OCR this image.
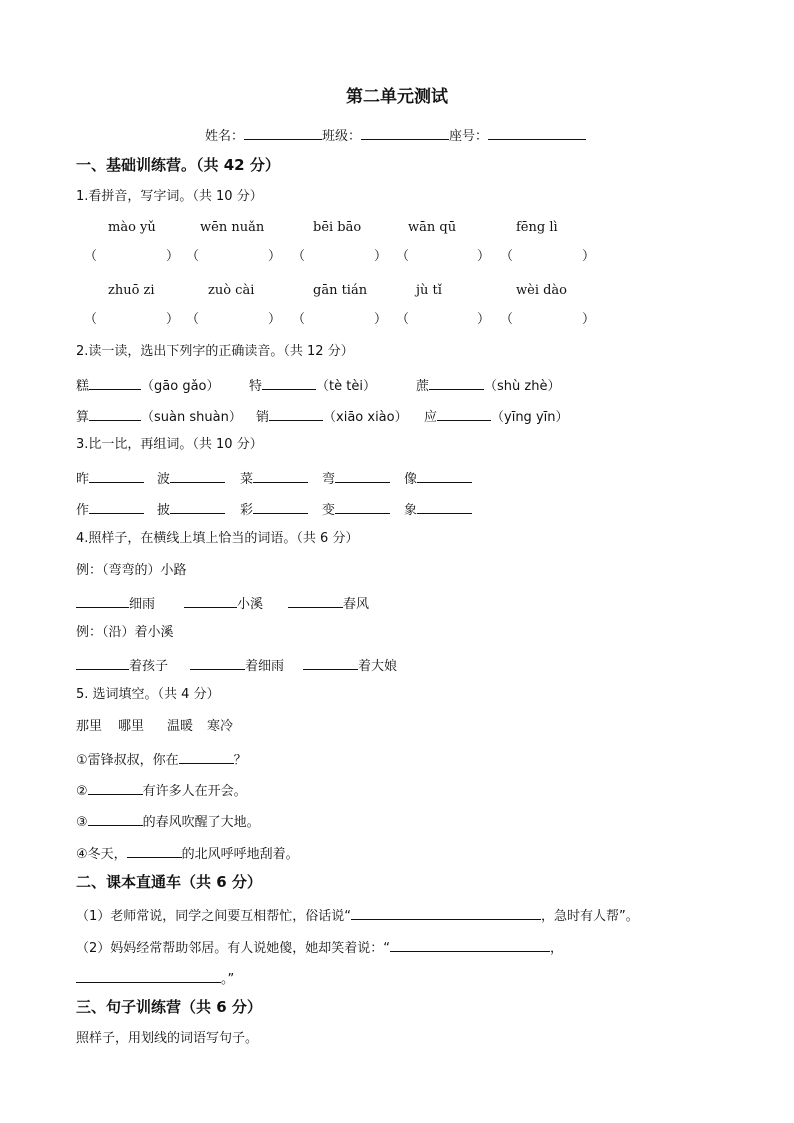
第二单元测试
姓名：	班级：	座号：
一、基础训练营。（共 42 分）
1.看拼音，写字词。（共 10 分）
mào yǔ	wēn nuǎn	bēi bāo	wān qū	fēng lì
（	） （	） （	） （	） （	）
zhuō zi	zuò cài	gān tián	jù tǐ	wèi dào
（	） （	） （	） （	） （	）
2.读一读，选出下列字的正确读音。（共 12 分）
糕	（gāo gǎo） 特	（tè tèi）	蔗	（shù zhè）
算	（suàn shuàn） 销	（xiāo xiào） 应	（yīng yīn）
3.比一比，再组词。（共 10 分）
昨	波	菜	弯	像
作	披	彩	变	象
4.照样子，在横线上填上恰当的词语。（共 6 分）
例：（弯弯的）小路
细雨	小溪	春风
例：（沿）着小溪
着孩子	着细雨	着大娘
5. 选词填空。（共 4 分）
那里 哪里 温暖 寒冷
①雷锋叔叔，你在	？
②	有许多人在开会。
③	的春风吹醒了大地。
④冬天，	的北风呼呼地刮着。
二、课本直通车（共 6 分）
（1）老师常说，同学之间要互相帮忙，俗话说“	，急时有人帮”。
（2）妈妈经常帮助邻居。有人说她傻，她却笑着说：“	，
。”
三、句子训练营（共 6 分）
照样子，用划线的词语写句子。
